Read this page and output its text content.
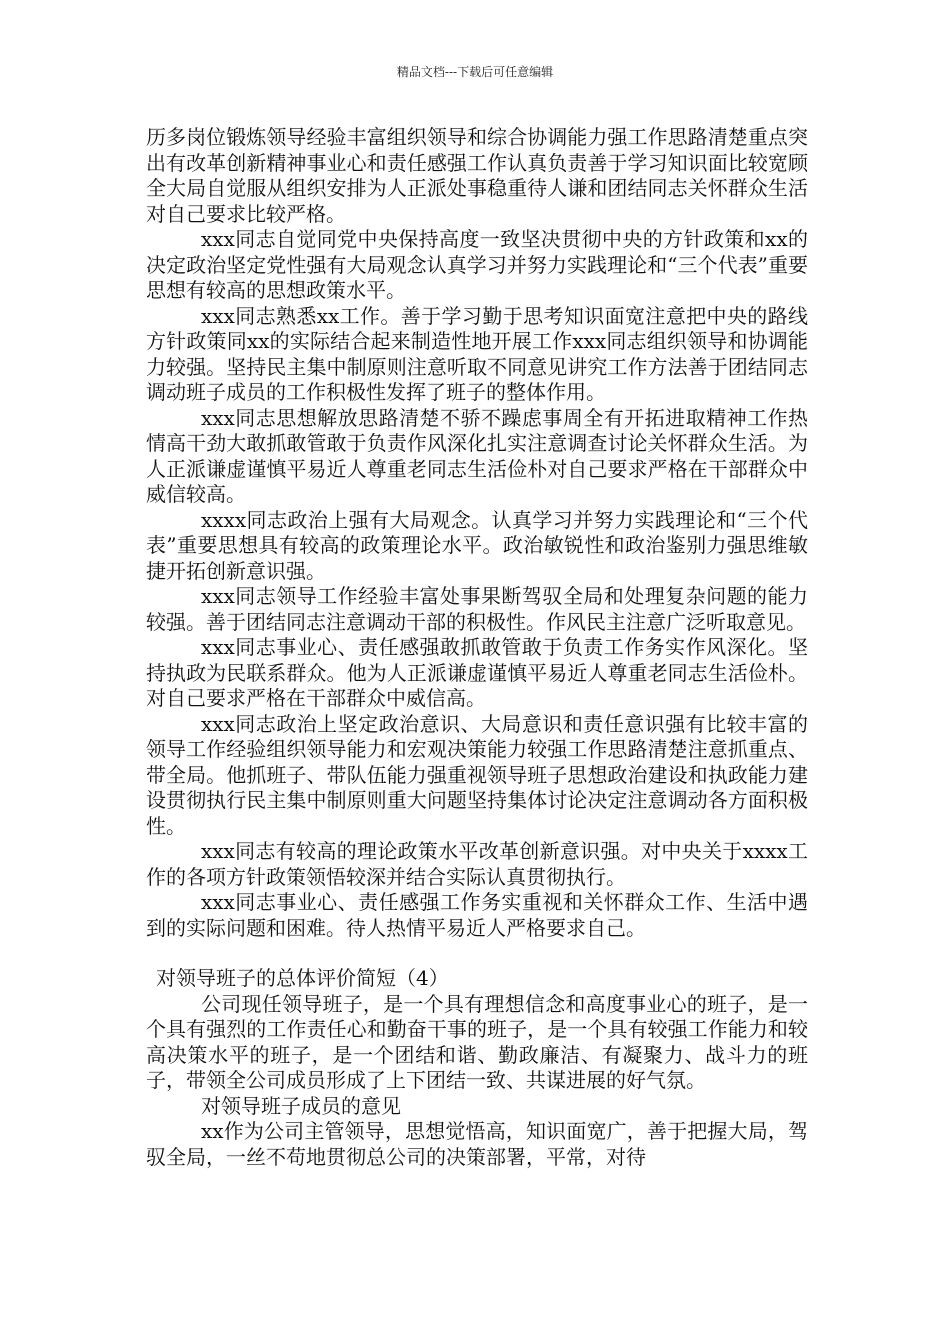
精品文档---下载后可任意编辑

历多岗位锻炼领导经验丰富组织领导和综合协调能力强工作思路清楚重点突出有改革创新精神事业心和责任感强工作认真负责善于学习知识面比较宽顾全大局自觉服从组织安排为人正派处事稳重待人谦和团结同志关怀群众生活对自己要求比较严格。

xxx同志自觉同党中央保持高度一致坚决贯彻中央的方针政策和xx的决定政治坚定党性强有大局观念认真学习并努力实践理论和“三个代表”重要思想有较高的思想政策水平。

xxx同志熟悉xx工作。善于学习勤于思考知识面宽注意把中央的路线方针政策同xx的实际结合起来制造性地开展工作xxx同志组织领导和协调能力较强。坚持民主集中制原则注意听取不同意见讲究工作方法善于团结同志调动班子成员的工作积极性发挥了班子的整体作用。

xxx同志思想解放思路清楚不骄不躁虑事周全有开拓进取精神工作热情高干劲大敢抓敢管敢于负责作风深化扎实注意调查讨论关怀群众生活。为人正派谦虚谨慎平易近人尊重老同志生活俭朴对自己要求严格在干部群众中威信较高。

xxxx同志政治上强有大局观念。认真学习并努力实践理论和“三个代表”重要思想具有较高的政策理论水平。政治敏锐性和政治鉴别力强思维敏捷开拓创新意识强。

xxx同志领导工作经验丰富处事果断驾驭全局和处理复杂问题的能力较强。善于团结同志注意调动干部的积极性。作风民主注意广泛听取意见。

xxx同志事业心、责任感强敢抓敢管敢于负责工作务实作风深化。坚持执政为民联系群众。他为人正派谦虚谨慎平易近人尊重老同志生活俭朴。对自己要求严格在干部群众中威信高。

xxx同志政治上坚定政治意识、大局意识和责任意识强有比较丰富的领导工作经验组织领导能力和宏观决策能力较强工作思路清楚注意抓重点、带全局。他抓班子、带队伍能力强重视领导班子思想政治建设和执政能力建设贯彻执行民主集中制原则重大问题坚持集体讨论决定注意调动各方面积极性。

xxx同志有较高的理论政策水平改革创新意识强。对中央关于xxxx工作的各项方针政策领悟较深并结合实际认真贯彻执行。

xxx同志事业心、责任感强工作务实重视和关怀群众工作、生活中遇到的实际问题和困难。待人热情平易近人严格要求自己。

对领导班子的总体评价简短（4）

公司现任领导班子，是一个具有理想信念和高度事业心的班子，是一个具有强烈的工作责任心和勤奋干事的班子，是一个具有较强工作能力和较高决策水平的班子，是一个团结和谐、勤政廉洁、有凝聚力、战斗力的班子，带领全公司成员形成了上下团结一致、共谋进展的好气氛。

对领导班子成员的意见

xx作为公司主管领导，思想觉悟高，知识面宽广，善于把握大局，驾驭全局，一丝不苟地贯彻总公司的决策部署，平常，对待
